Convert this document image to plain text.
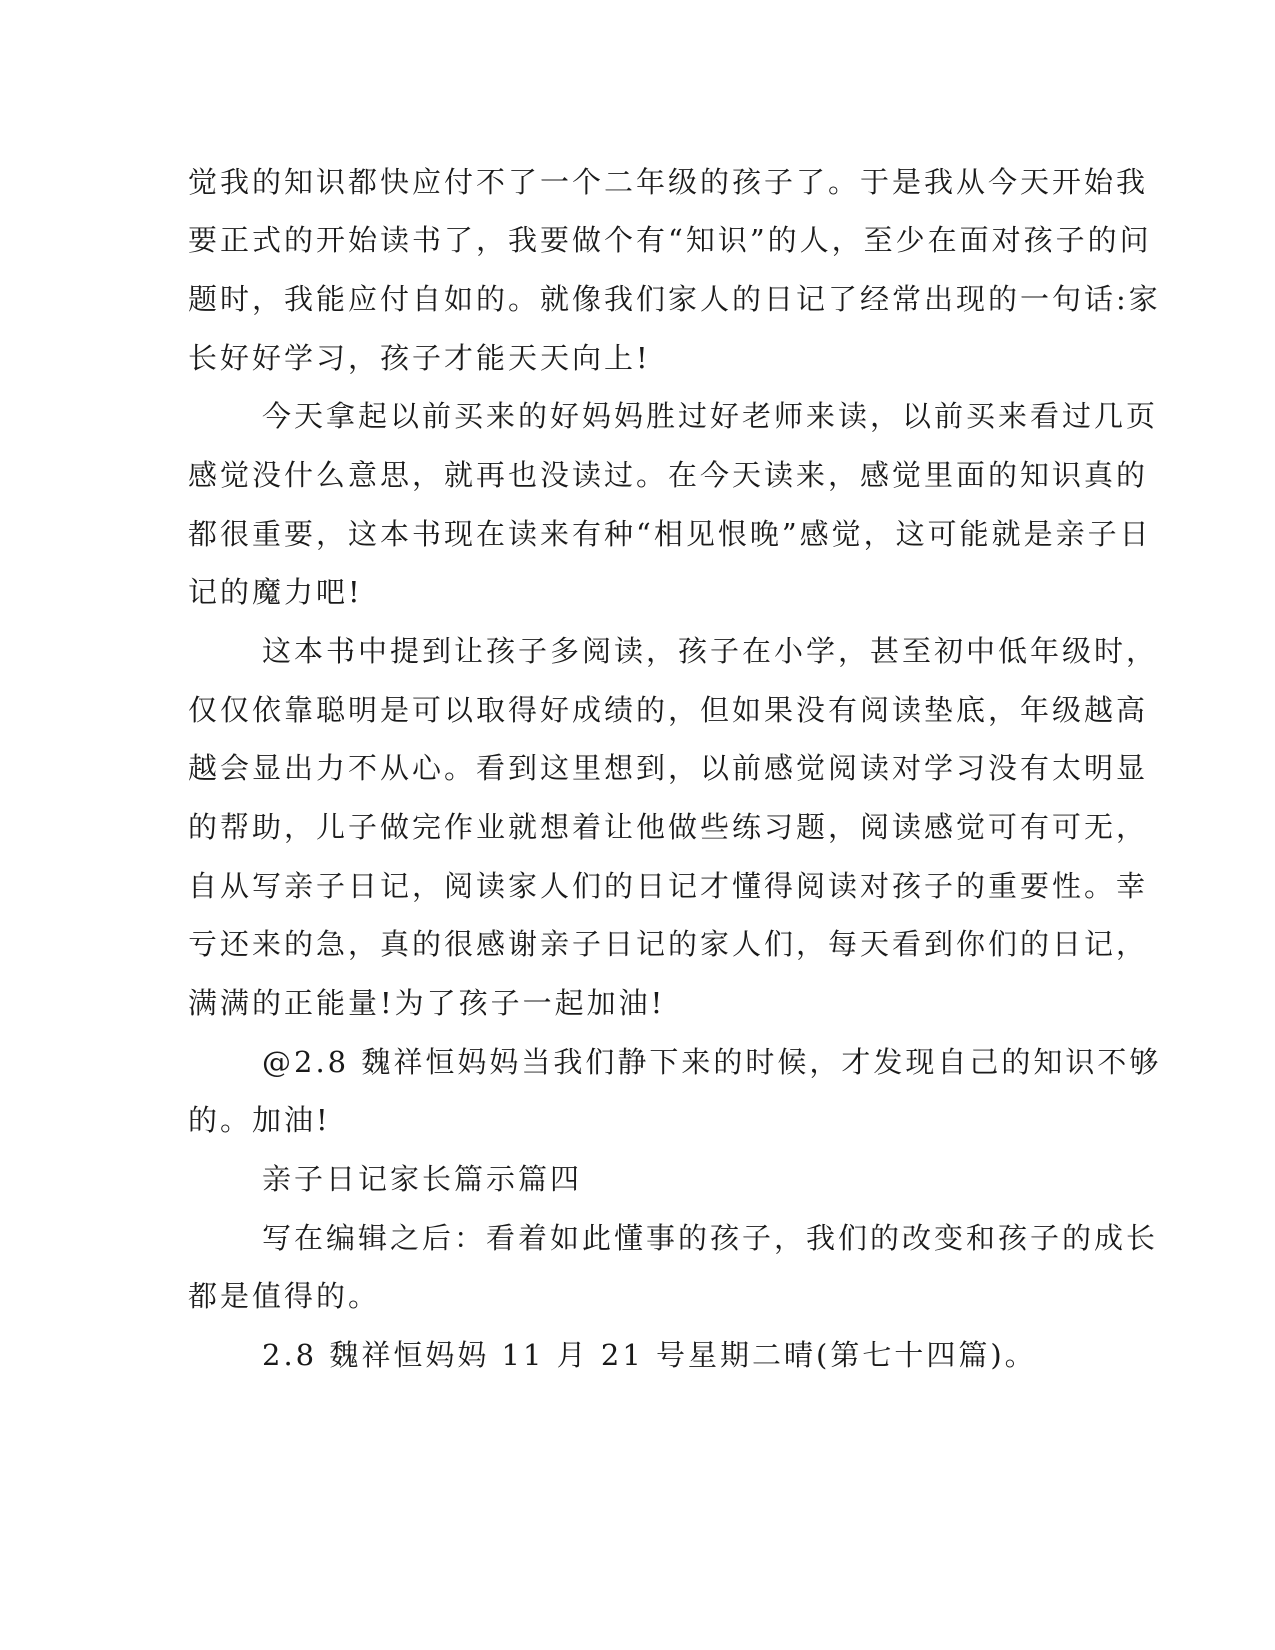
觉我的知识都快应付不了一个二年级的孩子了。于是我从今天开始我
要正式的开始读书了，我要做个有“知识”的人，至少在面对孩子的问
题时，我能应付自如的。就像我们家人的日记了经常出现的一句话:家
长好好学习，孩子才能天天向上!
今天拿起以前买来的好妈妈胜过好老师来读，以前买来看过几页
感觉没什么意思，就再也没读过。在今天读来，感觉里面的知识真的
都很重要，这本书现在读来有种“相见恨晚”感觉，这可能就是亲子日
记的魔力吧!
这本书中提到让孩子多阅读，孩子在小学，甚至初中低年级时，
仅仅依靠聪明是可以取得好成绩的，但如果没有阅读垫底，年级越高
越会显出力不从心。看到这里想到，以前感觉阅读对学习没有太明显
的帮助，儿子做完作业就想着让他做些练习题，阅读感觉可有可无，
自从写亲子日记，阅读家人们的日记才懂得阅读对孩子的重要性。幸
亏还来的急，真的很感谢亲子日记的家人们，每天看到你们的日记，
满满的正能量!为了孩子一起加油!
@2.8 魏祥恒妈妈当我们静下来的时候，才发现自己的知识不够
的。加油!
亲子日记家长篇示篇四
写在编辑之后：看着如此懂事的孩子，我们的改变和孩子的成长
都是值得的。
2.8 魏祥恒妈妈 11 月 21 号星期二晴(第七十四篇)。
